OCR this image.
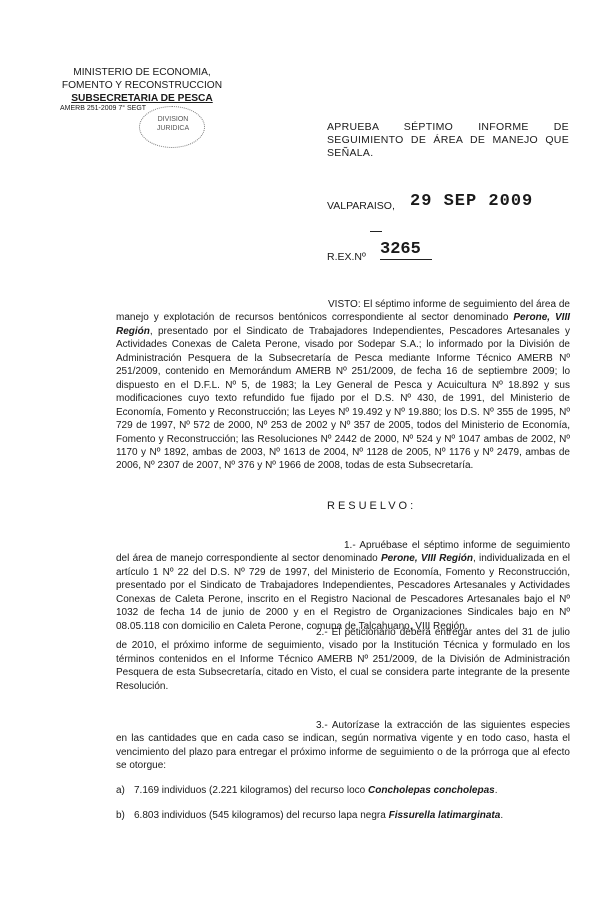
MINISTERIO DE ECONOMIA,
FOMENTO Y RECONSTRUCCION
SUBSECRETARIA DE PESCA
AMERB 251-2009 7° SEGT
DIVISION
JURIDICA	APRUEBA SÉPTIMO INFORME DE SEGUIMIENTO DE ÁREA DE MANEJO QUE SEÑALA.
VALPARAISO, 29 SEP 2009
R.EX.Nº 3265
VISTO: El séptimo informe de seguimiento del área de manejo y explotación de recursos bentónicos correspondiente al sector denominado Perone, VIII Región, presentado por el Sindicato de Trabajadores Independientes, Pescadores Artesanales y Actividades Conexas de Caleta Perone, visado por Sodepar S.A.; lo informado por la División de Administración Pesquera de la Subsecretaría de Pesca mediante Informe Técnico AMERB Nº 251/2009, contenido en Memorándum AMERB Nº 251/2009, de fecha 16 de septiembre 2009; lo dispuesto en el D.F.L. Nº 5, de 1983; la Ley General de Pesca y Acuicultura Nº 18.892 y sus modificaciones cuyo texto refundido fue fijado por el D.S. Nº 430, de 1991, del Ministerio de Economía, Fomento y Reconstrucción; las Leyes Nº 19.492 y Nº 19.880; los D.S. Nº 355 de 1995, Nº 729 de 1997, Nº 572 de 2000, Nº 253 de 2002 y Nº 357 de 2005, todos del Ministerio de Economía, Fomento y Reconstrucción; las Resoluciones Nº 2442 de 2000, Nº 524 y Nº 1047 ambas de 2002, Nº 1170 y Nº 1892, ambas de 2003, Nº 1613 de 2004, Nº 1128 de 2005, Nº 1176 y Nº 2479, ambas de 2006, Nº 2307 de 2007, Nº 376 y Nº 1966 de 2008, todas de esta Subsecretaría.
RESUELVO:
1.- Apruébase el séptimo informe de seguimiento del área de manejo correspondiente al sector denominado Perone, VIII Región, individualizada en el artículo 1 Nº 22 del D.S. Nº 729 de 1997, del Ministerio de Economía, Fomento y Reconstrucción, presentado por el Sindicato de Trabajadores Independientes, Pescadores Artesanales y Actividades Conexas de Caleta Perone, inscrito en el Registro Nacional de Pescadores Artesanales bajo el Nº 1032 de fecha 14 de junio de 2000 y en el Registro de Organizaciones Sindicales bajo en Nº 08.05.118 con domicilio en Caleta Perone, comuna de Talcahuano, VIII Región.
2.- El peticionario deberá entregar antes del 31 de julio de 2010, el próximo informe de seguimiento, visado por la Institución Técnica y formulado en los términos contenidos en el Informe Técnico AMERB Nº 251/2009, de la División de Administración Pesquera de esta Subsecretaría, citado en Visto, el cual se considera parte integrante de la presente Resolución.
3.- Autorízase la extracción de las siguientes especies en las cantidades que en cada caso se indican, según normativa vigente y en todo caso, hasta el vencimiento del plazo para entregar el próximo informe de seguimiento o de la prórroga que al efecto se otorgue:
a) 7.169 individuos (2.221 kilogramos) del recurso loco Concholepas concholepas.
b) 6.803 individuos (545 kilogramos) del recurso lapa negra Fissurella latimarginata.
